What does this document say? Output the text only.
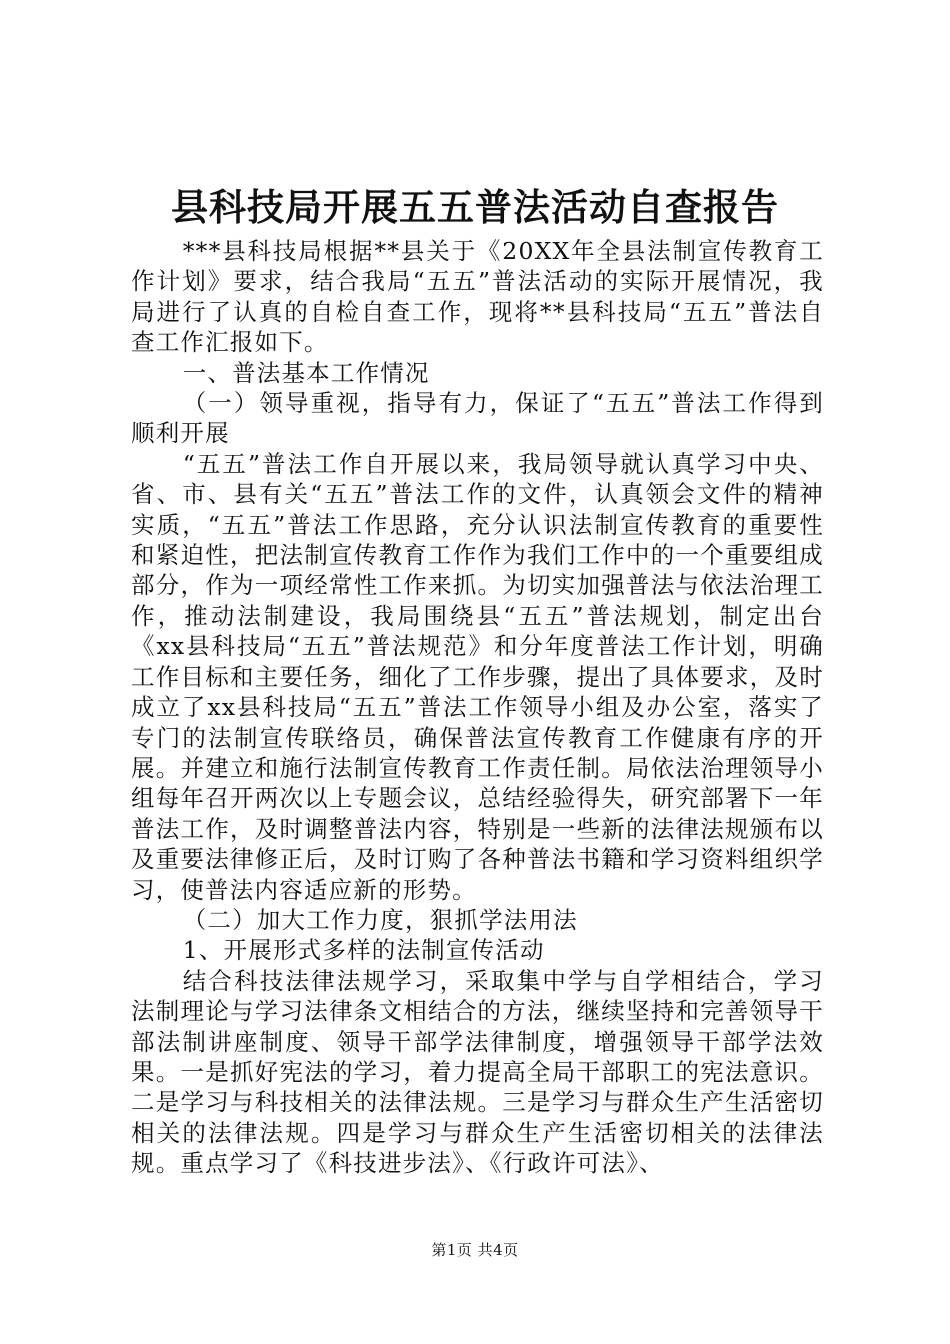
县科技局开展五五普法活动自查报告

***县科技局根据**县关于《20XX年全县法制宣传教育工作计划》要求，结合我局“五五”普法活动的实际开展情况，我局进行了认真的自检自查工作，现将**县科技局“五五”普法自查工作汇报如下。

一、普法基本工作情况

（一）领导重视，指导有力，保证了“五五”普法工作得到顺利开展

“五五”普法工作自开展以来，我局领导就认真学习中央、省、市、县有关“五五”普法工作的文件，认真领会文件的精神实质，“五五”普法工作思路，充分认识法制宣传教育的重要性和紧迫性，把法制宣传教育工作作为我们工作中的一个重要组成部分，作为一项经常性工作来抓。为切实加强普法与依法治理工作，推动法制建设，我局围绕县“五五”普法规划，制定出台《xx县科技局“五五”普法规范》和分年度普法工作计划，明确工作目标和主要任务，细化了工作步骤，提出了具体要求，及时成立了xx县科技局“五五”普法工作领导小组及办公室，落实了专门的法制宣传联络员，确保普法宣传教育工作健康有序的开展。并建立和施行法制宣传教育工作责任制。局依法治理领导小组每年召开两次以上专题会议，总结经验得失，研究部署下一年普法工作，及时调整普法内容，特别是一些新的法律法规颁布以及重要法律修正后，及时订购了各种普法书籍和学习资料组织学习，使普法内容适应新的形势。

（二）加大工作力度，狠抓学法用法

1、开展形式多样的法制宣传活动

结合科技法律法规学习，采取集中学与自学相结合，学习法制理论与学习法律条文相结合的方法，继续坚持和完善领导干部法制讲座制度、领导干部学法律制度，增强领导干部学法效果。一是抓好宪法的学习，着力提高全局干部职工的宪法意识。二是学习与科技相关的法律法规。三是学习与群众生产生活密切相关的法律法规。四是学习与群众生产生活密切相关的法律法规。重点学习了《科技进步法》、《行政许可法》、

第1页 共4页
